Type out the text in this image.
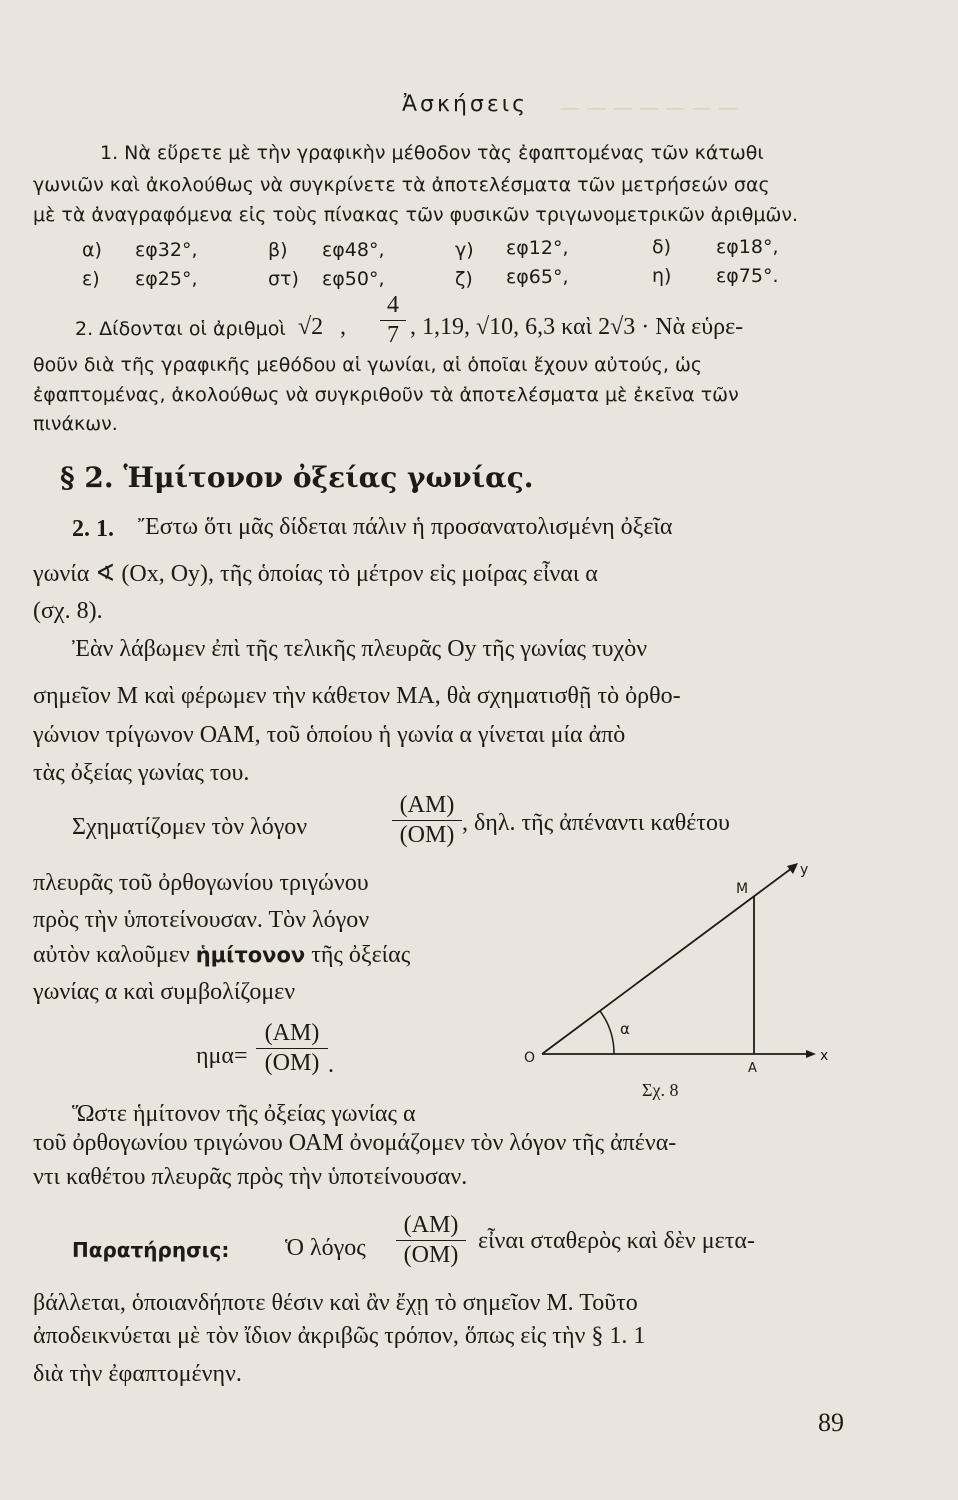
— — — — — — —
Ἀσκήσεις
1. Νὰ εὕρετε μὲ τὴν γραφικὴν μέθοδον τὰς ἐφαπτομένας τῶν κάτωθι
γωνιῶν καὶ ἀκολούθως νὰ συγκρίνετε τὰ ἀποτελέσματα τῶν μετρήσεών σας
μὲ τὰ ἀναγραφόμενα εἰς τοὺς πίνακας τῶν φυσικῶν τριγωνομετρικῶν ἀριθμῶν.
α) εφ32°,	β) εφ48°,	γ) εφ12°,	δ) εφ18°,
ε) εφ25°,	στ) εφ50°,	ζ) εφ65°,	η) εφ75°.
2. Δίδονται οἱ ἀριθμοὶ √2 ,
4
7 , 1,19, √10, 6,3 καὶ 2√3 · Νὰ εὑρε-
θοῦν διὰ τῆς γραφικῆς μεθόδου αἱ γωνίαι, αἱ ὁποῖαι ἔχουν αὐτούς, ὡς
ἐφαπτομένας, ἀκολούθως νὰ συγκριθοῦν τὰ ἀποτελέσματα μὲ ἐκεῖνα τῶν
πινάκων.
§ 2. Ἡμίτονον ὀξείας γωνίας.
2. 1. Ἔστω ὅτι μᾶς δίδεται πάλιν ἡ προσανατολισμένη ὀξεῖα
γωνία ∢ (Ox, Oy), τῆς ὁποίας τὸ μέτρον εἰς μοίρας εἶναι α
(σχ. 8).
Ἐὰν λάβωμεν ἐπὶ τῆς τελικῆς πλευρᾶς Oy τῆς γωνίας τυχὸν
σημεῖον Μ καὶ φέρωμεν τὴν κάθετον ΜΑ, θὰ σχηματισθῇ τὸ ὀρθο-
γώνιον τρίγωνον ΟΑΜ, τοῦ ὁποίου ἡ γωνία α γίνεται μία ἀπὸ
τὰς ὀξείας γωνίας του.
Σχηματίζομεν τὸν λόγον
(ΑΜ)
(ΟΜ) , δηλ. τῆς ἀπέναντι καθέτου
πλευρᾶς τοῦ ὀρθογωνίου τριγώνου
πρὸς τὴν ὑποτείνουσαν. Τὸν λόγον
αὐτὸν καλοῦμεν ἡμίτονον τῆς ὀξείας
γωνίας α καὶ συμβολίζομεν
ημα=
(ΑΜ)
(ΟΜ) .
Ὥστε ἡμίτονον τῆς ὀξείας γωνίας α
τοῦ ὀρθογωνίου τριγώνου ΟΑΜ ὀνομάζομεν τὸν λόγον τῆς ἀπένα-
ντι καθέτου πλευρᾶς πρὸς τὴν ὑποτείνουσαν.
Παρατήρησις: Ὁ λόγος
(ΑΜ)
(ΟΜ)
εἶναι σταθερὸς καὶ δὲν μετα-
βάλλεται, ὁποιανδήποτε θέσιν καὶ ἂν ἔχῃ τὸ σημεῖον Μ. Τοῦτο
ἀποδεικνύεται μὲ τὸν ἴδιον ἀκριβῶς τρόπον, ὅπως εἰς τὴν § 1. 1
διὰ τὴν ἐφαπτομένην.
O
A
M
x
y
α
Σχ. 8
89
